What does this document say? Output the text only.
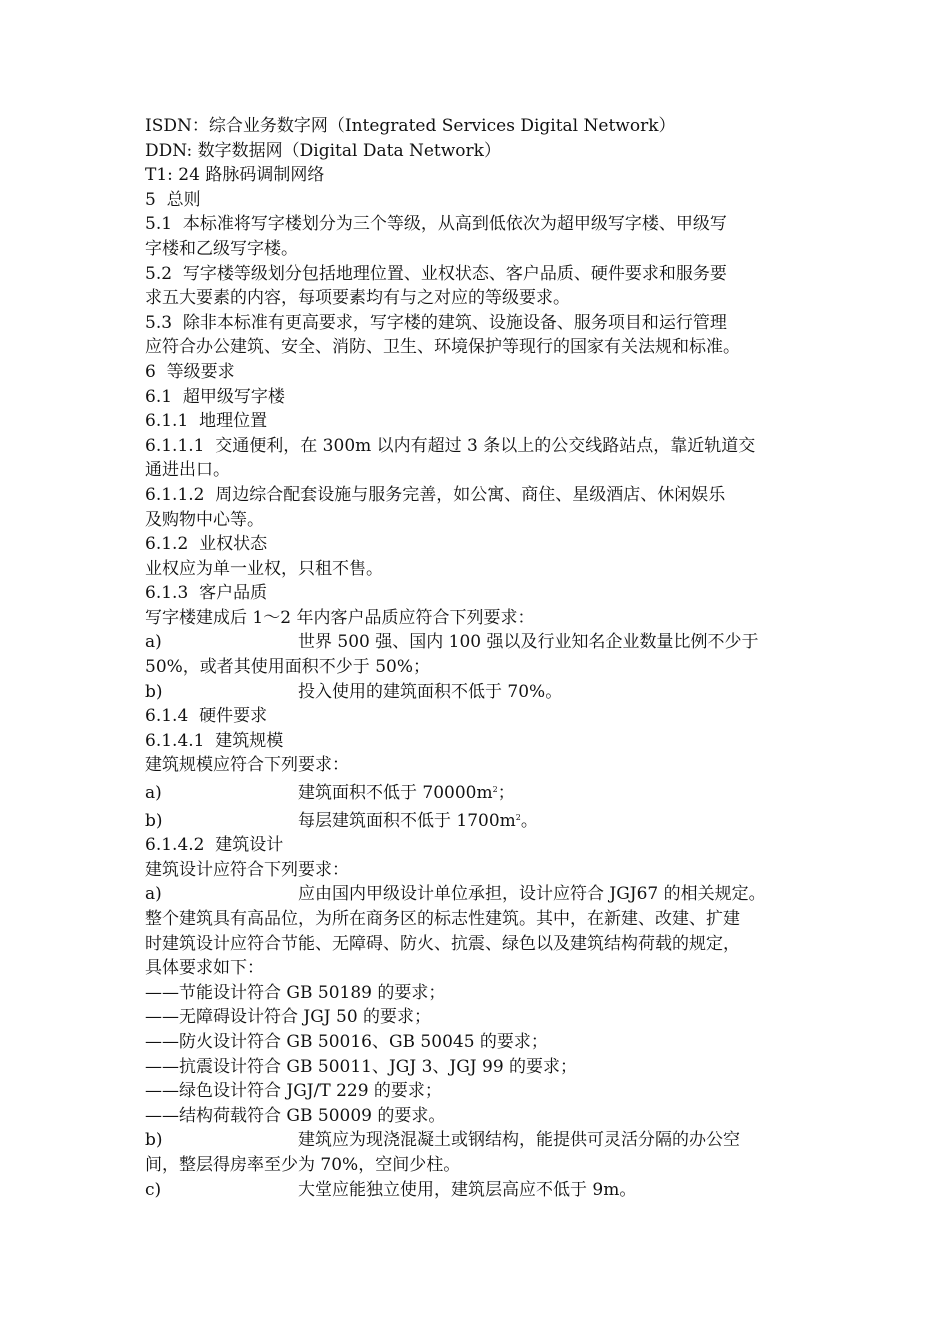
ISDN：综合业务数字网（Integrated Services Digital Network）
DDN: 数字数据网（Digital Data Network）
T1: 24 路脉码调制网络
5  总则
5.1  本标准将写字楼划分为三个等级，从高到低依次为超甲级写字楼、甲级写
字楼和乙级写字楼。
5.2  写字楼等级划分包括地理位置、业权状态、客户品质、硬件要求和服务要
求五大要素的内容，每项要素均有与之对应的等级要求。
5.3  除非本标准有更高要求，写字楼的建筑、设施设备、服务项目和运行管理
应符合办公建筑、安全、消防、卫生、环境保护等现行的国家有关法规和标准。
6  等级要求
6.1  超甲级写字楼
6.1.1  地理位置
6.1.1.1  交通便利，在 300m 以内有超过 3 条以上的公交线路站点，靠近轨道交
通进出口。
6.1.1.2  周边综合配套设施与服务完善，如公寓、商住、星级酒店、休闲娱乐
及购物中心等。
6.1.2  业权状态
业权应为单一业权，只租不售。
6.1.3  客户品质
写字楼建成后 1～2 年内客户品质应符合下列要求：
a)	世界 500 强、国内 100 强以及行业知名企业数量比例不少于
50%，或者其使用面积不少于 50%；
b)	投入使用的建筑面积不低于 70%。
6.1.4  硬件要求
6.1.4.1  建筑规模
建筑规模应符合下列要求：
a)	建筑面积不低于 $70000m^2$；
b)	每层建筑面积不低于 $1700m^2$。
6.1.4.2  建筑设计
建筑设计应符合下列要求：
a)	应由国内甲级设计单位承担，设计应符合 JGJ67 的相关规定。
整个建筑具有高品位，为所在商务区的标志性建筑。其中，在新建、改建、扩建
时建筑设计应符合节能、无障碍、防火、抗震、绿色以及建筑结构荷载的规定，
具体要求如下：
——节能设计符合 GB 50189 的要求；
——无障碍设计符合 JGJ 50 的要求；
——防火设计符合 GB 50016、GB 50045 的要求；
——抗震设计符合 GB 50011、JGJ 3、JGJ 99 的要求；
——绿色设计符合 JGJ/T 229 的要求；
——结构荷载符合 GB 50009 的要求。
b)	建筑应为现浇混凝土或钢结构，能提供可灵活分隔的办公空
间，整层得房率至少为 70%，空间少柱。
c)	大堂应能独立使用，建筑层高应不低于 9m。
